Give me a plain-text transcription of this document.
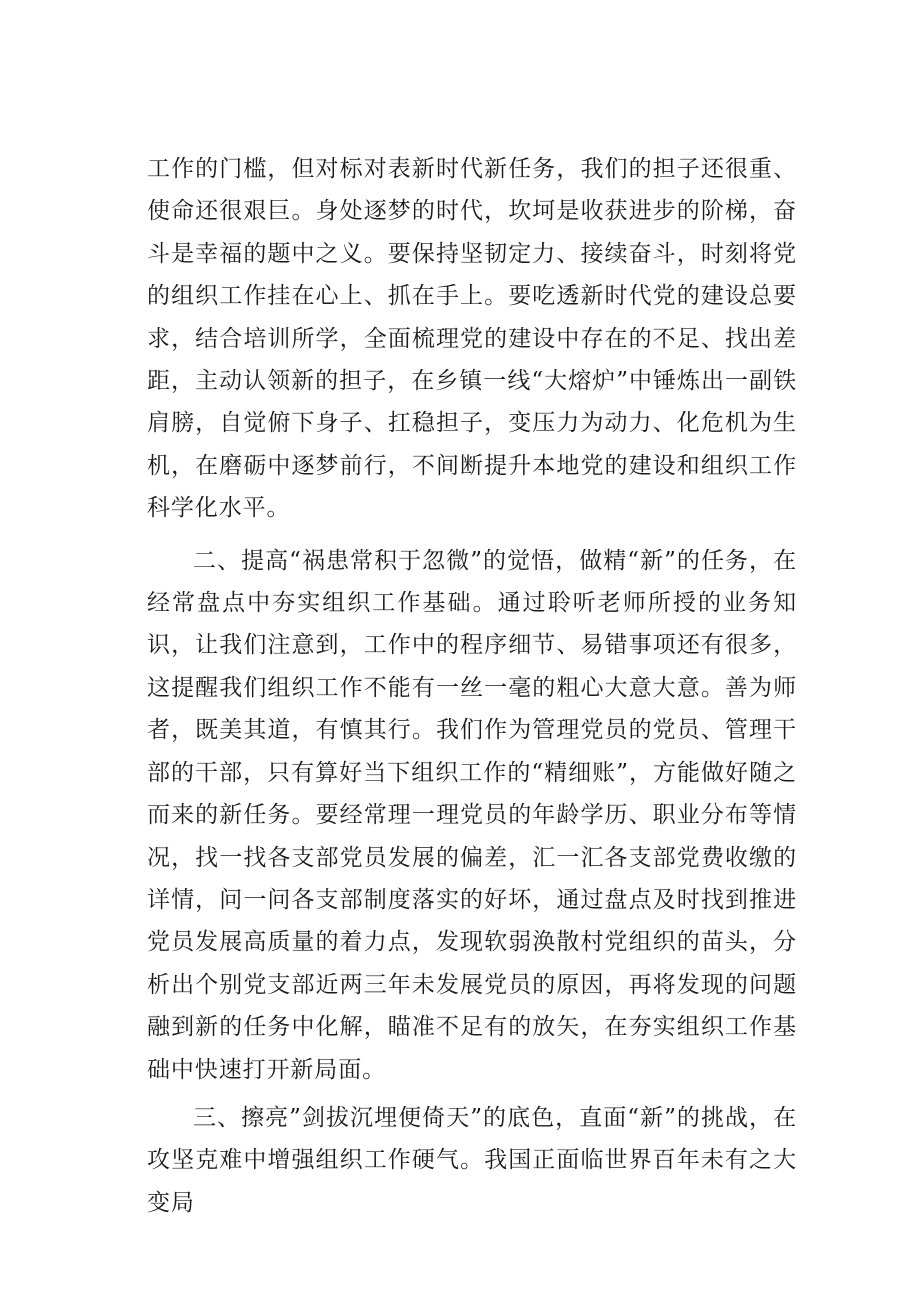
工作的门槛，但对标对表新时代新任务，我们的担子还很重、使命还很艰巨。身处逐梦的时代，坎坷是收获进步的阶梯，奋斗是幸福的题中之义。要保持坚韧定力、接续奋斗，时刻将党的组织工作挂在心上、抓在手上。要吃透新时代党的建设总要求，结合培训所学，全面梳理党的建设中存在的不足、找出差距，主动认领新的担子，在乡镇一线“大熔炉”中锤炼出一副铁肩膀，自觉俯下身子、扛稳担子，变压力为动力、化危机为生机，在磨砺中逐梦前行，不间断提升本地党的建设和组织工作科学化水平。

二、提高“祸患常积于忽微”的觉悟，做精“新”的任务，在经常盘点中夯实组织工作基础。通过聆听老师所授的业务知识，让我们注意到，工作中的程序细节、易错事项还有很多，这提醒我们组织工作不能有一丝一毫的粗心大意大意。善为师者，既美其道，有慎其行。我们作为管理党员的党员、管理干部的干部，只有算好当下组织工作的“精细账”，方能做好随之而来的新任务。要经常理一理党员的年龄学历、职业分布等情况，找一找各支部党员发展的偏差，汇一汇各支部党费收缴的详情，问一问各支部制度落实的好坏，通过盘点及时找到推进党员发展高质量的着力点，发现软弱涣散村党组织的苗头，分析出个别党支部近两三年未发展党员的原因，再将发现的问题融到新的任务中化解，瞄准不足有的放矢，在夯实组织工作基础中快速打开新局面。

三、擦亮”剑拔沉埋便倚天”的底色，直面“新”的挑战，在攻坚克难中增强组织工作硬气。我国正面临世界百年未有之大变局
